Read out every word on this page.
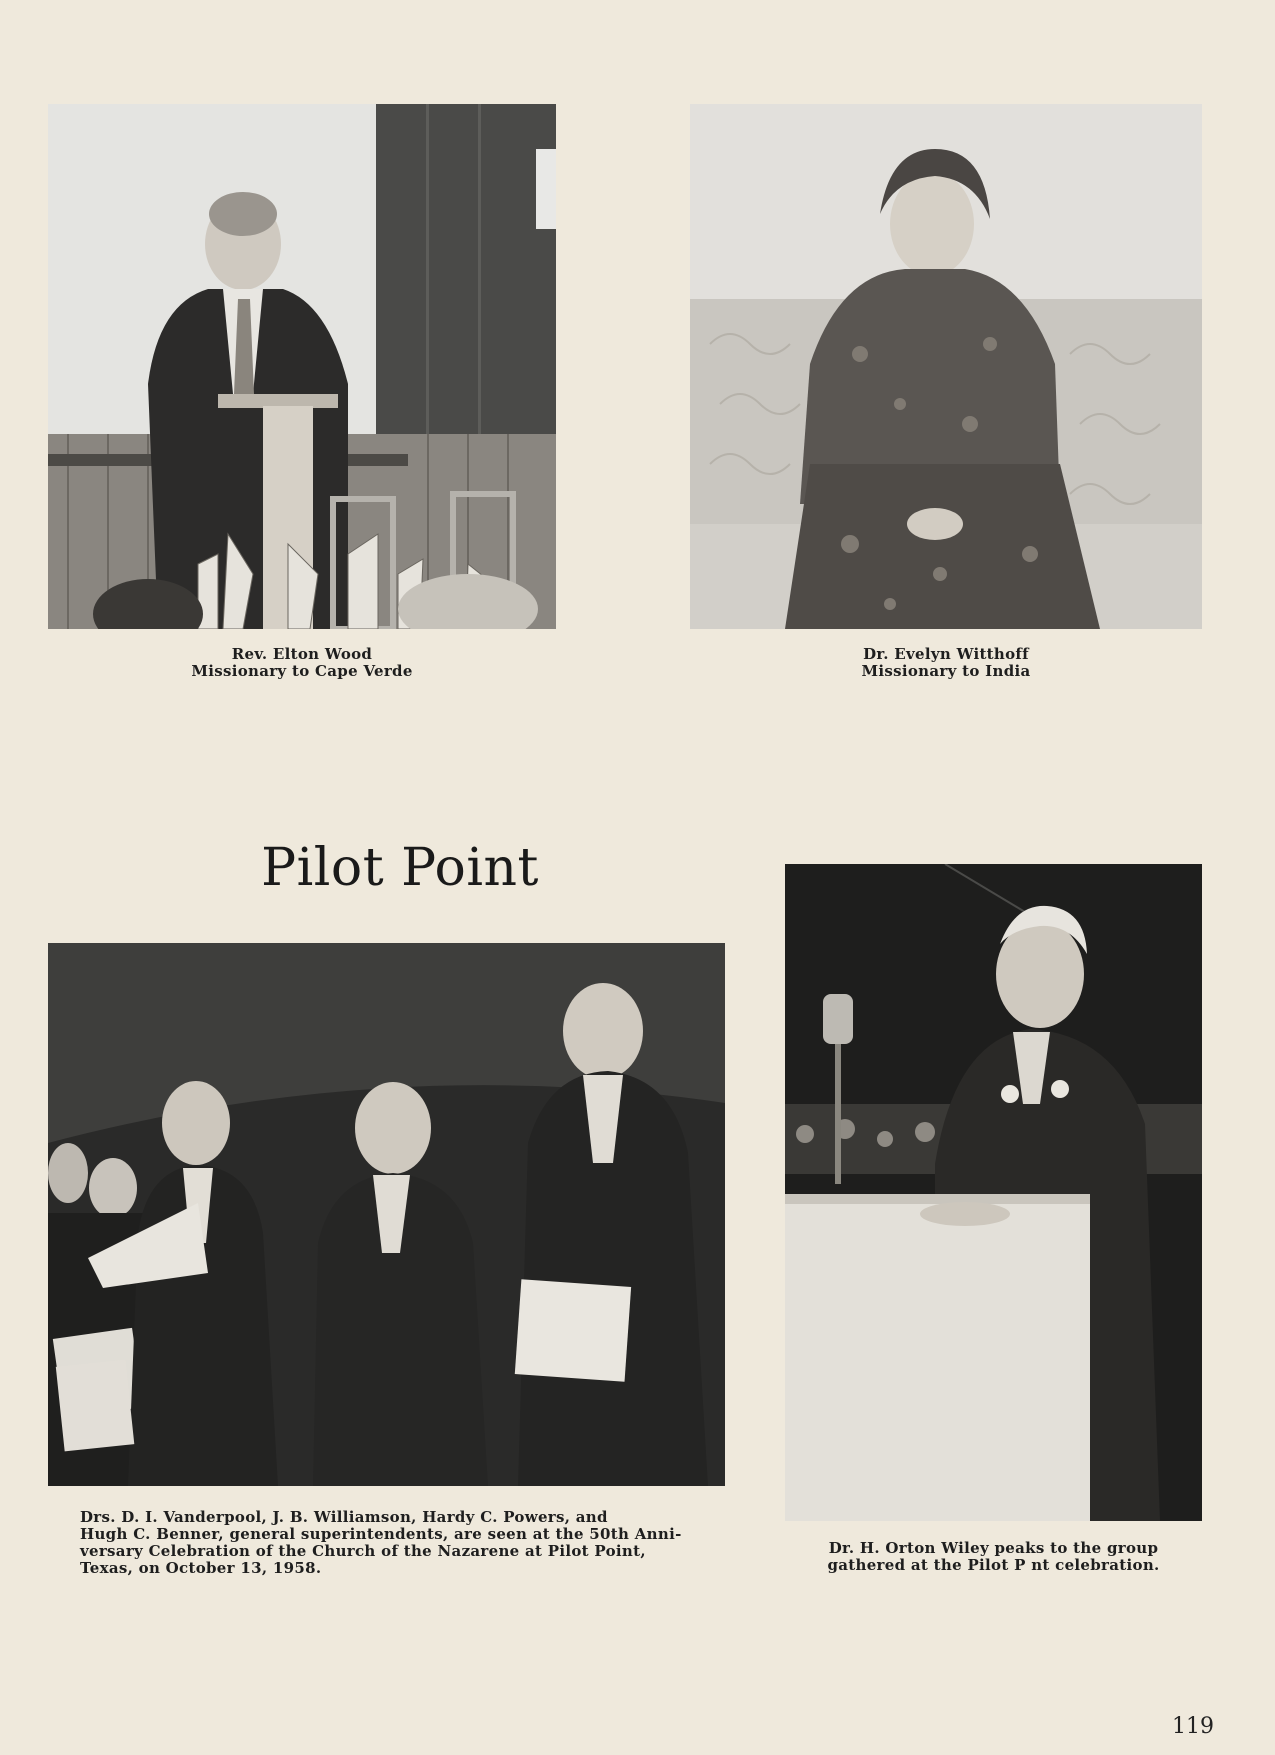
Rev. Elton Wood
Missionary to Cape Verde
Dr. Evelyn Witthoff
Missionary to India
Pilot Point
Drs. D. I. Vanderpool, J. B. Williamson, Hardy C. Powers, and
Hugh C. Benner, general superintendents, are seen at the 50th Anni-
versary Celebration of the Church of the Nazarene at Pilot Point,
Texas, on October 13, 1958.
Dr. H. Orton Wiley peaks to the group
gathered at the Pilot P nt celebration.
119
